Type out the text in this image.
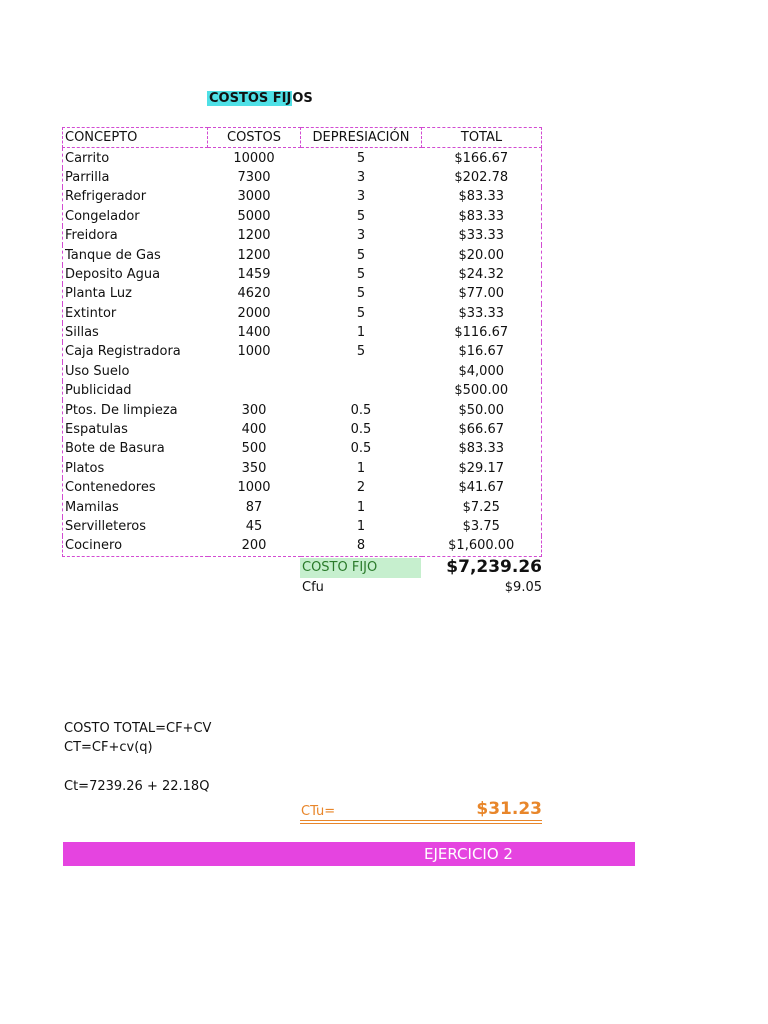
COSTOS FIJOS
CONCEPTO	COSTOS	DEPRESIACIÓN	TOTAL
Carrito	10000	5	$166.67
Parrilla	7300	3	$202.78
Refrigerador	3000	3	$83.33
Congelador	5000	5	$83.33
Freidora	1200	3	$33.33
Tanque de Gas	1200	5	$20.00
Deposito Agua	1459	5	$24.32
Planta Luz	4620	5	$77.00
Extintor	2000	5	$33.33
Sillas	1400	1	$116.67
Caja Registradora	1000	5	$16.67
Uso Suelo			$4,000
Publicidad			$500.00
Ptos. De limpieza	300	0.5	$50.00
Espatulas	400	0.5	$66.67
Bote de Basura	500	0.5	$83.33
Platos	350	1	$29.17
Contenedores	1000	2	$41.67
Mamilas	87	1	$7.25
Servilleteros	45	1	$3.75
Cocinero	200	8	$1,600.00
COSTO FIJO	$7,239.26
Cfu	$9.05
COSTO TOTAL=CF+CV
CT=CF+cv(q)
Ct=7239.26 + 22.18Q
CTu=	$31.23
EJERCICIO 2
